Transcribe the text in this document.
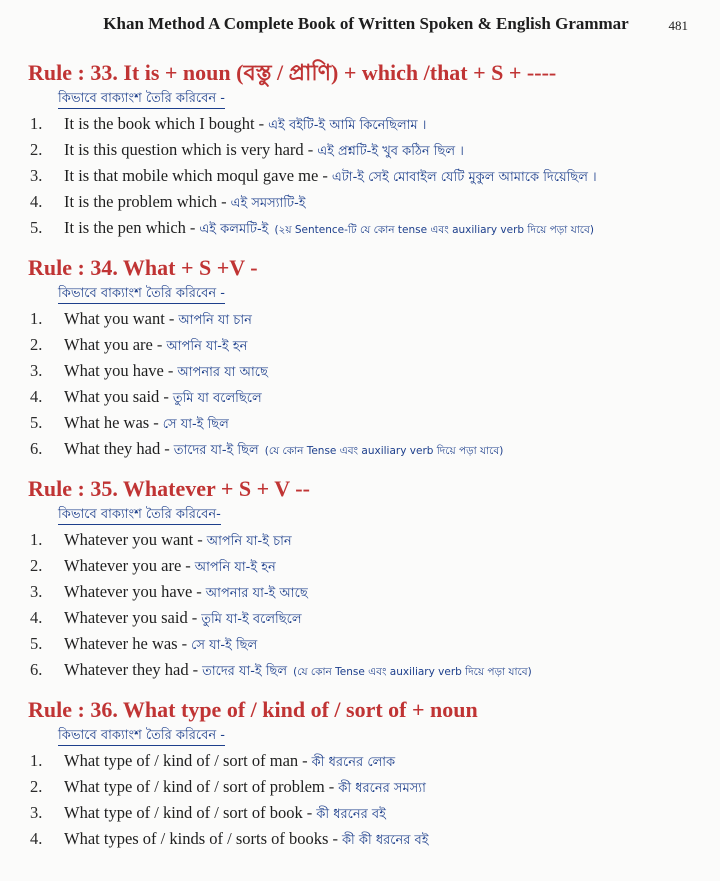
Khan Method A Complete Book of Written Spoken & English Grammar	481
Rule : 33. It is + noun (বস্তু / প্রাণি) + which /that + S + ----
কিভাবে বাক্যাংশ তৈরি করিবেন -
1.	It is the book which I bought - এই বইটি-ই আমি কিনেছিলাম ।
2.	It is this question which is very hard - এই প্রশ্নটি-ই খুব কঠিন ছিল ।
3.	It is that mobile which moqul gave me - এটা-ই সেই মোবাইল যেটি মুকুল আমাকে দিয়েছিল ।
4.	It is the problem which - এই সমস্যাটি-ই
5.	It is the pen which - এই কলমটি-ই (২য় Sentence-টি যে কোন tense এবং auxiliary verb দিয়ে পড়া যাবে)
Rule : 34. What + S +V -
কিভাবে বাক্যাংশ তৈরি করিবেন -
1.	What you want - আপনি যা চান
2.	What you are - আপনি যা-ই হন
3.	What you have - আপনার যা আছে
4.	What you said - তুমি যা বলেছিলে
5.	What he was - সে যা-ই ছিল
6.	What they had - তাদের যা-ই ছিল (যে কোন Tense এবং auxiliary verb দিয়ে পড়া যাবে)
Rule : 35. Whatever + S + V --
কিভাবে বাক্যাংশ তৈরি করিবেন-
1.	Whatever you want - আপনি যা-ই চান
2.	Whatever you are - আপনি যা-ই হন
3.	Whatever you have - আপনার যা-ই আছে
4.	Whatever you said - তুমি যা-ই বলেছিলে
5.	Whatever he was - সে যা-ই ছিল
6.	Whatever they had - তাদের যা-ই ছিল (যে কোন Tense এবং auxiliary verb দিয়ে পড়া যাবে)
Rule : 36. What type of / kind of / sort of + noun
কিভাবে বাক্যাংশ তৈরি করিবেন -
1.	What type of / kind of / sort of man - কী ধরনের লোক
2.	What type of / kind of / sort of problem - কী ধরনের সমস্যা
3.	What type of / kind of / sort of book - কী ধরনের বই
4.	What types of / kinds of / sorts of books - কী কী ধরনের বই
